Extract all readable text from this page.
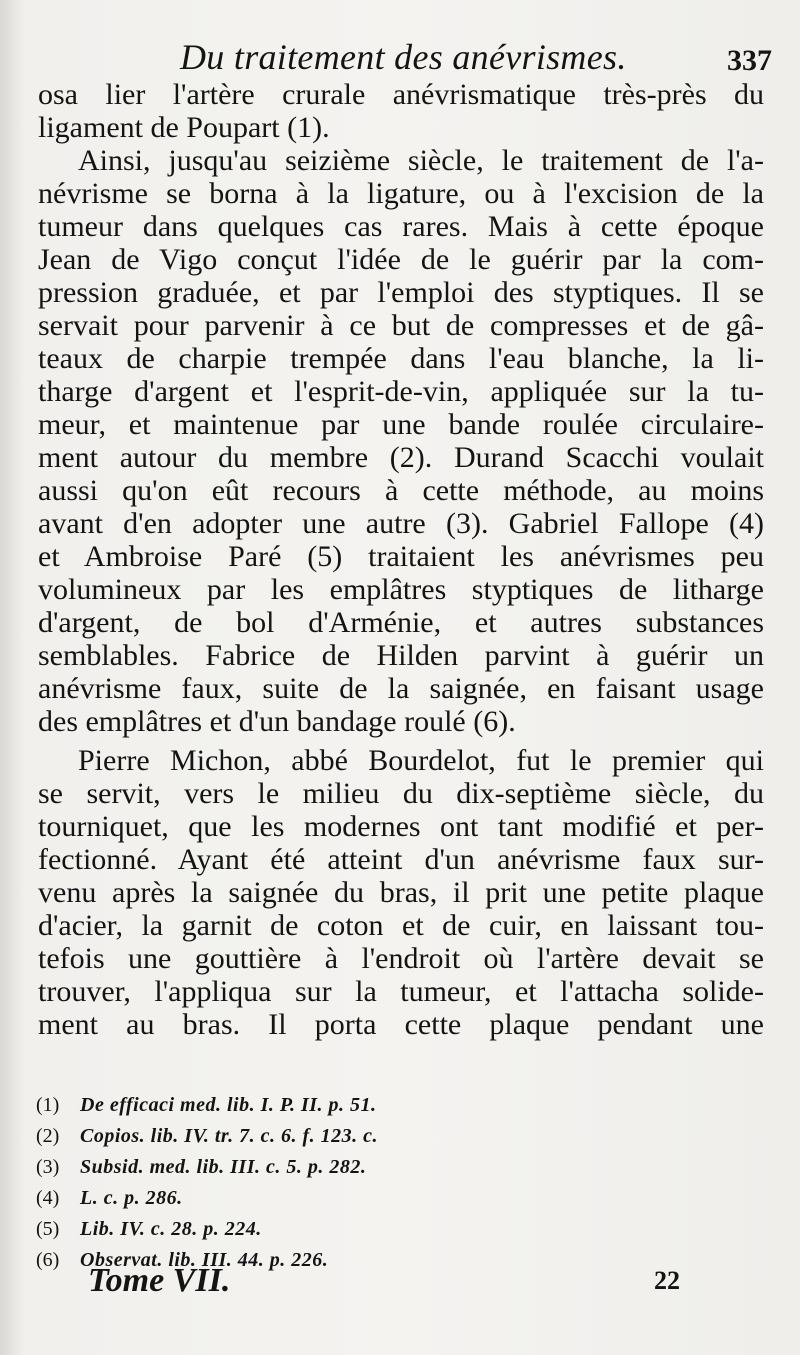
Du traitement des anévrismes.	337
osa lier l'artère crurale anévrismatique très-près du
ligament de Poupart (1).
Ainsi, jusqu'au seizième siècle, le traitement de l'a-
névrisme se borna à la ligature, ou à l'excision de la
tumeur dans quelques cas rares. Mais à cette époque
Jean de Vigo conçut l'idée de le guérir par la com-
pression graduée, et par l'emploi des styptiques. Il se
servait pour parvenir à ce but de compresses et de gâ-
teaux de charpie trempée dans l'eau blanche, la li-
tharge d'argent et l'esprit-de-vin, appliquée sur la tu-
meur, et maintenue par une bande roulée circulaire-
ment autour du membre (2). Durand Scacchi voulait
aussi qu'on eût recours à cette méthode, au moins
avant d'en adopter une autre (3). Gabriel Fallope (4)
et Ambroise Paré (5) traitaient les anévrismes peu
volumineux par les emplâtres styptiques de litharge
d'argent, de bol d'Arménie, et autres substances
semblables. Fabrice de Hilden parvint à guérir un
anévrisme faux, suite de la saignée, en faisant usage
des emplâtres et d'un bandage roulé (6).
Pierre Michon, abbé Bourdelot, fut le premier qui
se servit, vers le milieu du dix-septième siècle, du
tourniquet, que les modernes ont tant modifié et per-
fectionné. Ayant été atteint d'un anévrisme faux sur-
venu après la saignée du bras, il prit une petite plaque
d'acier, la garnit de coton et de cuir, en laissant tou-
tefois une gouttière à l'endroit où l'artère devait se
trouver, l'appliqua sur la tumeur, et l'attacha solide-
ment au bras. Il porta cette plaque pendant une
(1) De efficaci med. lib. I. P. II. p. 51.
(2) Copios. lib. IV. tr. 7. c. 6. f. 123. c.
(3) Subsid. med. lib. III. c. 5. p. 282.
(4) L. c. p. 286.
(5) Lib. IV. c. 28. p. 224.
(6) Observat. lib. III. 44. p. 226.
Tome VII.	22
